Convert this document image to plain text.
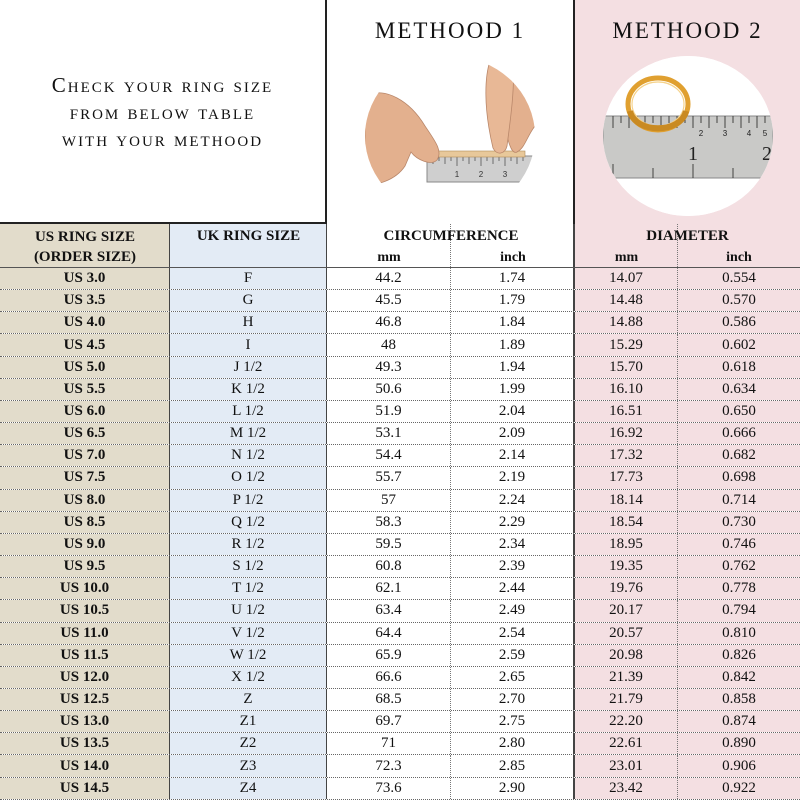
Check your ring size
from below table
with your methood
METHOOD 1
1 2 3
METHOOD 2
2 3 4 5
1	2
US RING SIZE
(ORDER SIZE)
UK RING SIZE	CIRCUMFERENCE	DIAMETER
mm	inch	mm	inch
US 3.0	F	44.2	1.74	14.07	0.554
US 3.5	G	45.5	1.79	14.48	0.570
US 4.0	H	46.8	1.84	14.88	0.586
US 4.5	I	48	1.89	15.29	0.602
US 5.0	J 1/2	49.3	1.94	15.70	0.618
US 5.5	K 1/2	50.6	1.99	16.10	0.634
US 6.0	L 1/2	51.9	2.04	16.51	0.650
US 6.5	M 1/2	53.1	2.09	16.92	0.666
US 7.0	N 1/2	54.4	2.14	17.32	0.682
US 7.5	O 1/2	55.7	2.19	17.73	0.698
US 8.0	P 1/2	57	2.24	18.14	0.714
US 8.5	Q 1/2	58.3	2.29	18.54	0.730
US 9.0	R 1/2	59.5	2.34	18.95	0.746
US 9.5	S 1/2	60.8	2.39	19.35	0.762
US 10.0	T 1/2	62.1	2.44	19.76	0.778
US 10.5	U 1/2	63.4	2.49	20.17	0.794
US 11.0	V 1/2	64.4	2.54	20.57	0.810
US 11.5	W 1/2	65.9	2.59	20.98	0.826
US 12.0	X 1/2	66.6	2.65	21.39	0.842
US 12.5	Z	68.5	2.70	21.79	0.858
US 13.0	Z1	69.7	2.75	22.20	0.874
US 13.5	Z2	71	2.80	22.61	0.890
US 14.0	Z3	72.3	2.85	23.01	0.906
US 14.5	Z4	73.6	2.90	23.42	0.922
